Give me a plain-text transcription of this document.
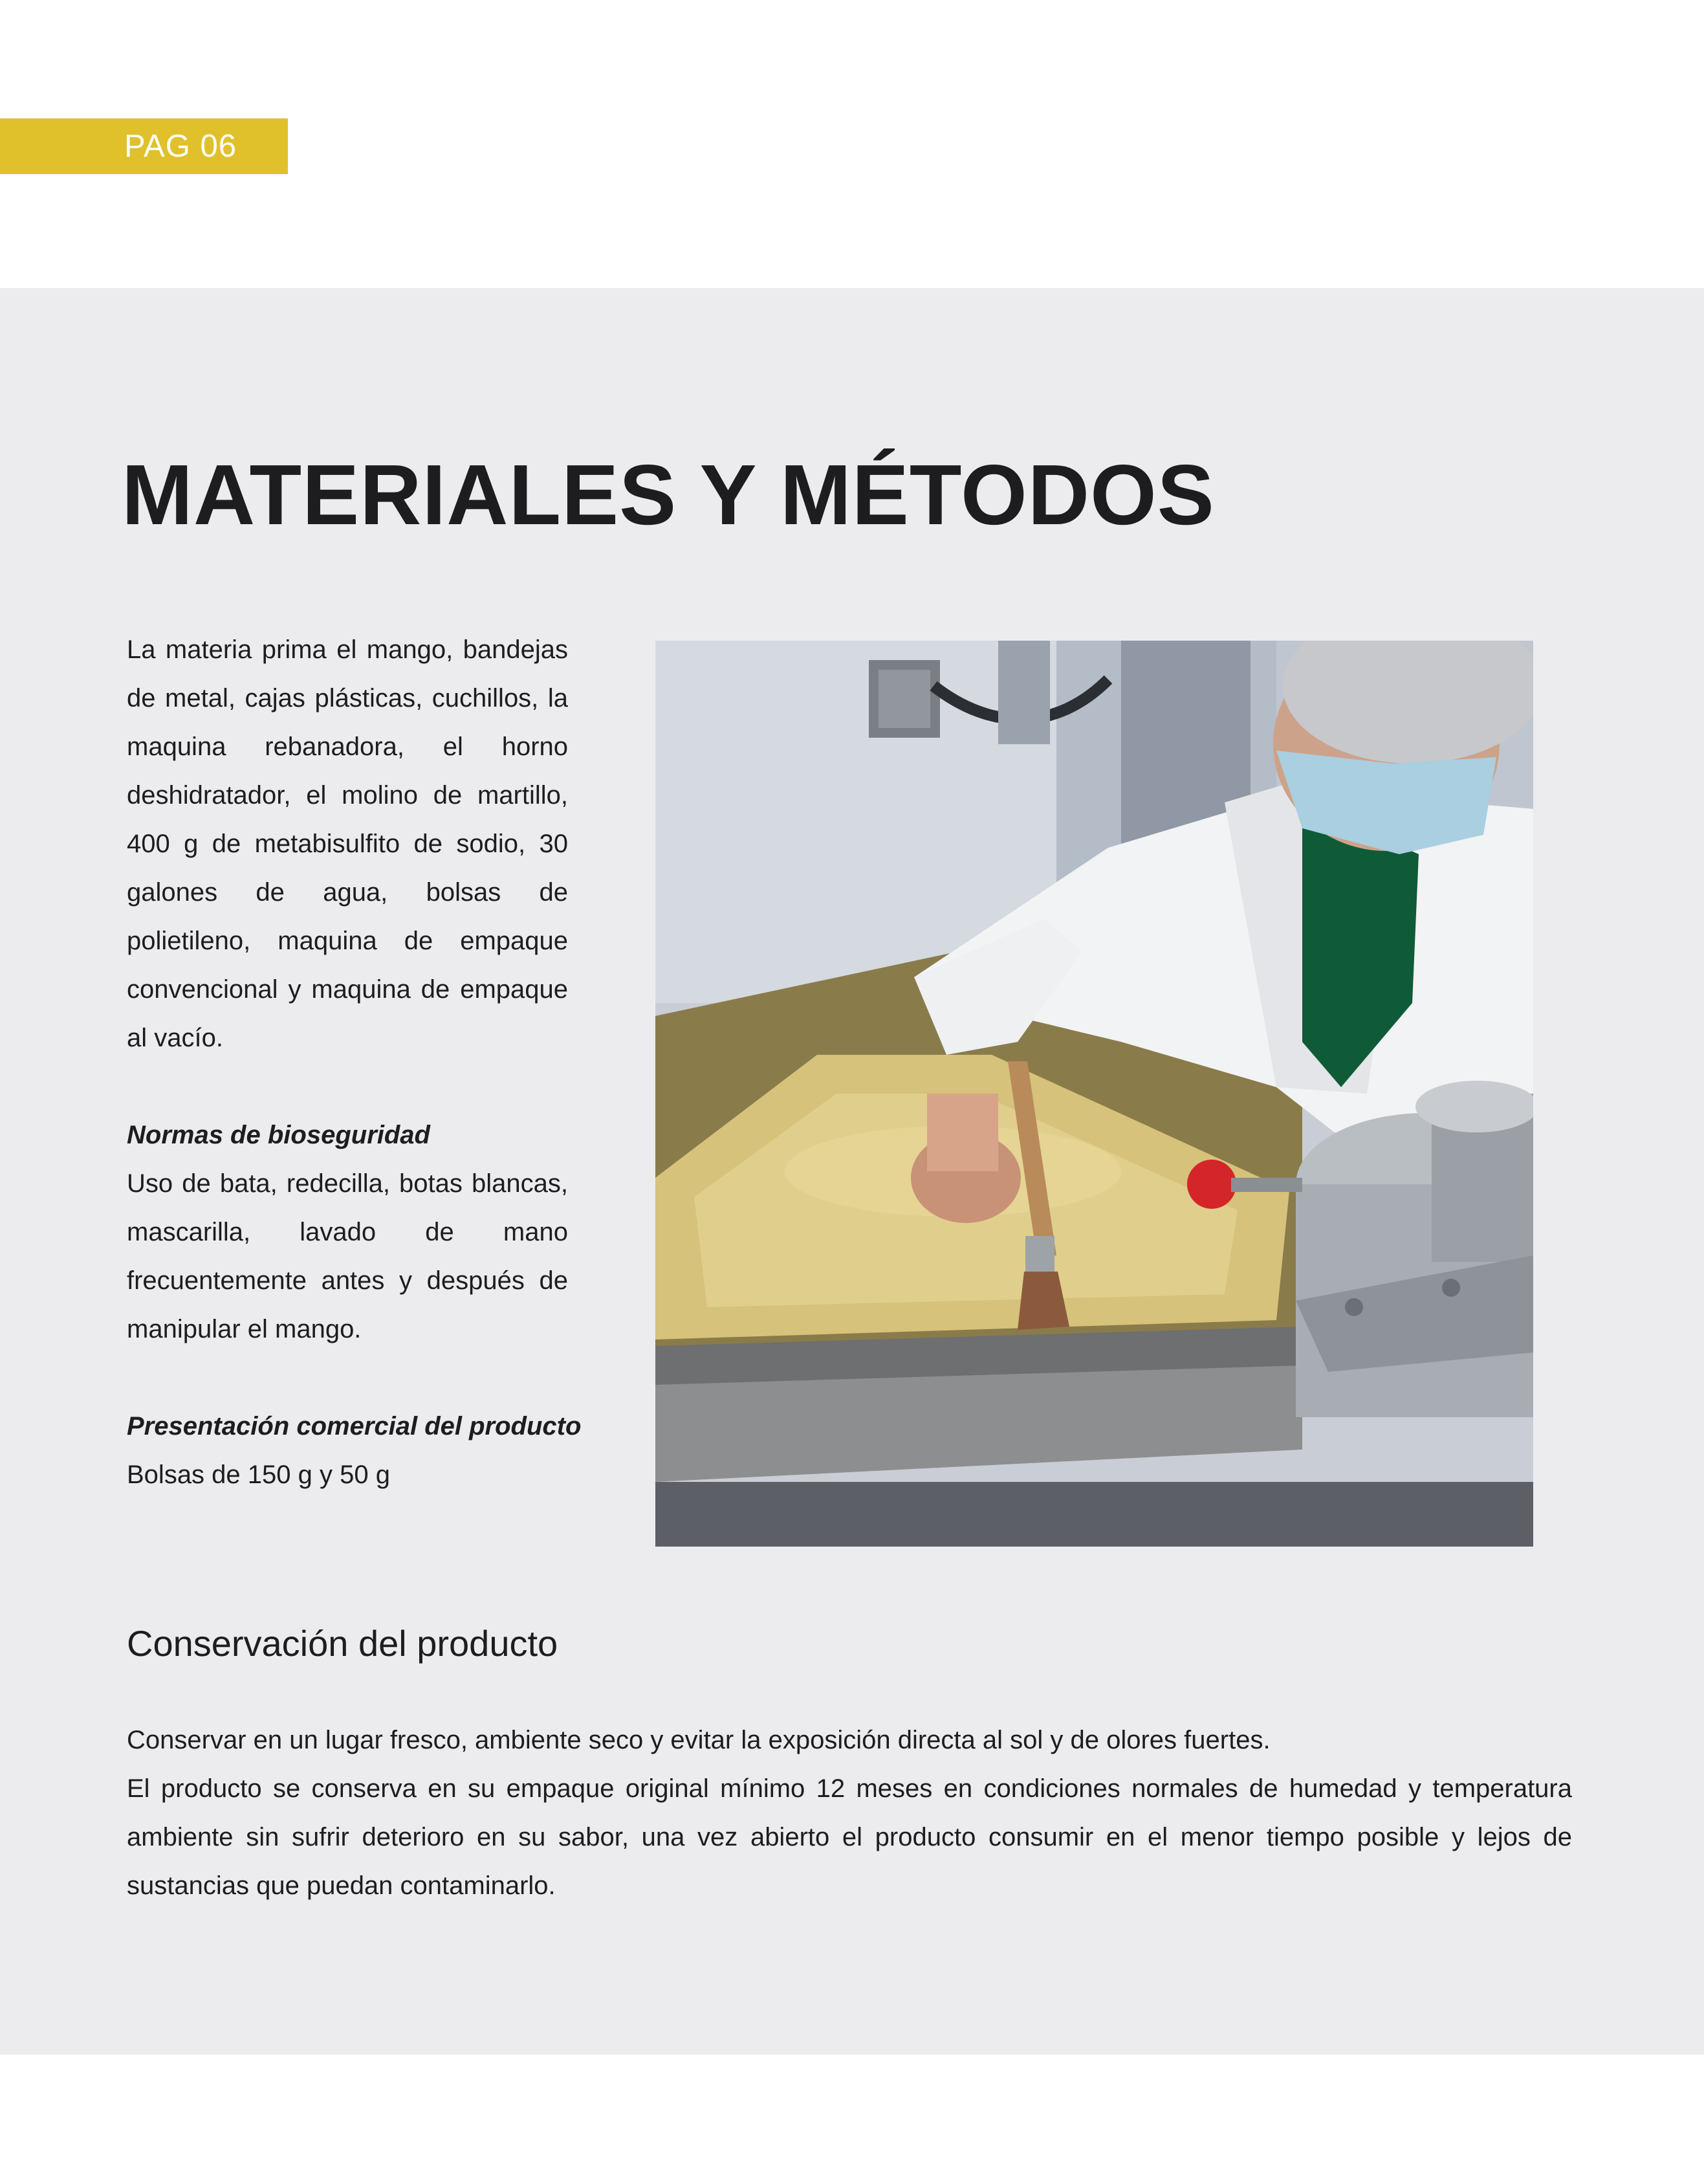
PAG 06
MATERIALES Y MÉTODOS

La materia prima el mango, bandejas de metal, cajas plásticas, cuchillos, la maquina rebanadora, el horno deshidratador, el molino de martillo, 400 g de metabisulfito de sodio, 30 galones de agua, bolsas de polietileno, maquina de empaque convencional y maquina de empaque al vacío.

Normas de bioseguridad

Uso de bata, redecilla, botas blancas, mascarilla, lavado de mano frecuentemente antes y después de manipular el mango.

Presentación comercial del producto

Bolsas de 150 g y 50 g

Conservación del producto

Conservar en un lugar fresco, ambiente seco y evitar la exposición directa al sol y de olores fuertes.

El producto se conserva en su empaque original mínimo 12 meses en condiciones normales de humedad y temperatura ambiente sin sufrir deterioro en su sabor, una vez abierto el producto consumir en el menor tiempo posible y lejos de sustancias que puedan contaminarlo.
